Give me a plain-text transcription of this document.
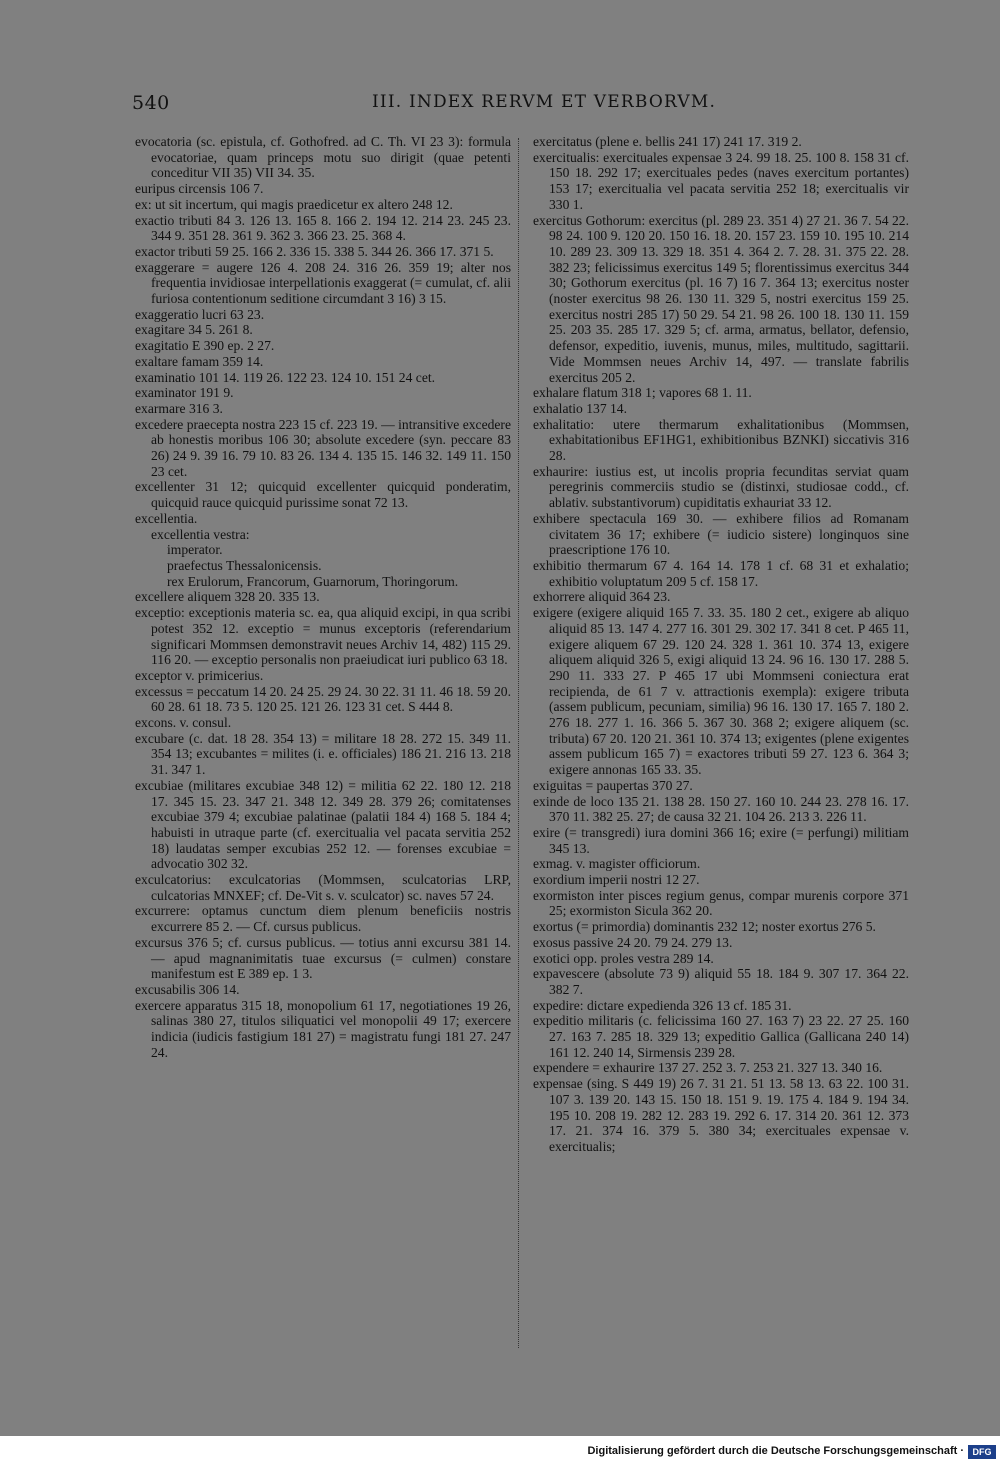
540	III. INDEX RERVM ET VERBORVM.

evocatoria (sc. epistula, cf. Gothofred. ad C. Th. VI 23 3): formula evocatoriae, quam princeps motu suo dirigit (quae petenti conceditur VII 35) VII 34. 35.

euripus circensis 106 7.

ex: ut sit incertum, qui magis praedicetur ex altero 248 12.

exactio tributi 84 3. 126 13. 165 8. 166 2. 194 12. 214 23. 245 23. 344 9. 351 28. 361 9. 362 3. 366 23. 25. 368 4.

exactor tributi 59 25. 166 2. 336 15. 338 5. 344 26. 366 17. 371 5.

exaggerare = augere 126 4. 208 24. 316 26. 359 19; alter nos frequentia invidiosae interpellationis exaggerat (= cumulat, cf. alii furiosa contentionum seditione circumdant 3 16) 3 15.

exaggeratio lucri 63 23.

exagitare 34 5. 261 8.

exagitatio E 390 ep. 2 27.

exaltare famam 359 14.

examinatio 101 14. 119 26. 122 23. 124 10. 151 24 cet.

examinator 191 9.

exarmare 316 3.

excedere praecepta nostra 223 15 cf. 223 19. — intransitive excedere ab honestis moribus 106 30; absolute excedere (syn. peccare 83 26) 24 9. 39 16. 79 10. 83 26. 134 4. 135 15. 146 32. 149 11. 150 23 cet.

excellenter 31 12; quicquid excellenter quicquid ponderatim, quicquid rauce quicquid purissime sonat 72 13.

excellentia.

excellentia vestra:

imperator.

praefectus Thessalonicensis.

rex Erulorum, Francorum, Guarnorum, Thoringorum.

excellere aliquem 328 20. 335 13.

exceptio: exceptionis materia sc. ea, qua aliquid excipi, in qua scribi potest 352 12. exceptio = munus exceptoris (referendarium significari Mommsen demonstravit neues Archiv 14, 482) 115 29. 116 20. — exceptio personalis non praeiudicat iuri publico 63 18.

exceptor v. primicerius.

excessus = peccatum 14 20. 24 25. 29 24. 30 22. 31 11. 46 18. 59 20. 60 28. 61 18. 73 5. 120 25. 121 26. 123 31 cet. S 444 8.

excons. v. consul.

excubare (c. dat. 18 28. 354 13) = militare 18 28. 272 15. 349 11. 354 13; excubantes = milites (i. e. officiales) 186 21. 216 13. 218 31. 347 1.

excubiae (militares excubiae 348 12) = militia 62 22. 180 12. 218 17. 345 15. 23. 347 21. 348 12. 349 28. 379 26; comitatenses excubiae 379 4; excubiae palatinae (palatii 184 4) 168 5. 184 4; habuisti in utraque parte (cf. exercitualia vel pacata servitia 252 18) laudatas semper excubias 252 12. — forenses excubiae = advocatio 302 32.

exculcatorius: exculcatorias (Mommsen, sculcatorias LRP, culcatorias MNXEF; cf. De-Vit s. v. sculcator) sc. naves 57 24.

excurrere: optamus cunctum diem plenum beneficiis nostris excurrere 85 2. — Cf. cursus publicus.

excursus 376 5; cf. cursus publicus. — totius anni excursu 381 14. — apud magnanimitatis tuae excursus (= culmen) constare manifestum est E 389 ep. 1 3.

excusabilis 306 14.

exercere apparatus 315 18, monopolium 61 17, negotiationes 19 26, salinas 380 27, titulos siliquatici vel monopolii 49 17; exercere indicia (iudicis fastigium 181 27) = magistratu fungi 181 27. 247 24.

exercitatus (plene e. bellis 241 17) 241 17. 319 2.

exercitualis: exercituales expensae 3 24. 99 18. 25. 100 8. 158 31 cf. 150 18. 292 17; exercituales pedes (naves exercitum portantes) 153 17; exercitualia vel pacata servitia 252 18; exercitualis vir 330 1.

exercitus Gothorum: exercitus (pl. 289 23. 351 4) 27 21. 36 7. 54 22. 98 24. 100 9. 120 20. 150 16. 18. 20. 157 23. 159 10. 195 10. 214 10. 289 23. 309 13. 329 18. 351 4. 364 2. 7. 28. 31. 375 22. 28. 382 23; felicissimus exercitus 149 5; florentissimus exercitus 344 30; Gothorum exercitus (pl. 16 7) 16 7. 364 13; exercitus noster (noster exercitus 98 26. 130 11. 329 5, nostri exercitus 159 25. exercitus nostri 285 17) 50 29. 54 21. 98 26. 100 18. 130 11. 159 25. 203 35. 285 17. 329 5; cf. arma, armatus, bellator, defensio, defensor, expeditio, iuvenis, munus, miles, multitudo, sagittarii. Vide Mommsen neues Archiv 14, 497. — translate fabrilis exercitus 205 2.

exhalare flatum 318 1; vapores 68 1. 11.

exhalatio 137 14.

exhalitatio: utere thermarum exhalitationibus (Mommsen, exhabitationibus EF1HG1, exhibitionibus BZNKI) siccativis 316 28.

exhaurire: iustius est, ut incolis propria fecunditas serviat quam peregrinis commerciis studio se (distinxi, studiosae codd., cf. ablativ. substantivorum) cupiditatis exhauriat 33 12.

exhibere spectacula 169 30. — exhibere filios ad Romanam civitatem 36 17; exhibere (= iudicio sistere) longinquos sine praescriptione 176 10.

exhibitio thermarum 67 4. 164 14. 178 1 cf. 68 31 et exhalatio; exhibitio voluptatum 209 5 cf. 158 17.

exhorrere aliquid 364 23.

exigere (exigere aliquid 165 7. 33. 35. 180 2 cet., exigere ab aliquo aliquid 85 13. 147 4. 277 16. 301 29. 302 17. 341 8 cet. P 465 11, exigere aliquem 67 29. 120 24. 328 1. 361 10. 374 13, exigere aliquem aliquid 326 5, exigi aliquid 13 24. 96 16. 130 17. 288 5. 290 11. 333 27. P 465 17 ubi Mommseni coniectura erat recipienda, de 61 7 v. attractionis exempla): exigere tributa (assem publicum, pecuniam, similia) 96 16. 130 17. 165 7. 180 2. 276 18. 277 1. 16. 366 5. 367 30. 368 2; exigere aliquem (sc. tributa) 67 20. 120 21. 361 10. 374 13; exigentes (plene exigentes assem publicum 165 7) = exactores tributi 59 27. 123 6. 364 3; exigere annonas 165 33. 35.

exiguitas = paupertas 370 27.

exinde de loco 135 21. 138 28. 150 27. 160 10. 244 23. 278 16. 17. 370 11. 382 25. 27; de causa 32 21. 104 26. 213 3. 226 11.

exire (= transgredi) iura domini 366 16; exire (= perfungi) militiam 345 13.

exmag. v. magister officiorum.

exordium imperii nostri 12 27.

exormiston inter pisces regium genus, compar murenis corpore 371 25; exormiston Sicula 362 20.

exortus (= primordia) dominantis 232 12; noster exortus 276 5.

exosus passive 24 20. 79 24. 279 13.

exotici opp. proles vestra 289 14.

expavescere (absolute 73 9) aliquid 55 18. 184 9. 307 17. 364 22. 382 7.

expedire: dictare expedienda 326 13 cf. 185 31.

expeditio militaris (c. felicissima 160 27. 163 7) 23 22. 27 25. 160 27. 163 7. 285 18. 329 13; expeditio Gallica (Gallicana 240 14) 161 12. 240 14, Sirmensis 239 28.

expendere = exhaurire 137 27. 252 3. 7. 253 21. 327 13. 340 16.

expensae (sing. S 449 19) 26 7. 31 21. 51 13. 58 13. 63 22. 100 31. 107 3. 139 20. 143 15. 150 18. 151 9. 19. 175 4. 184 9. 194 34. 195 10. 208 19. 282 12. 283 19. 292 6. 17. 314 20. 361 12. 373 17. 21. 374 16. 379 5. 380 34; exercituales expensae v. exercitualis;

Digitalisierung gefördert durch die Deutsche Forschungsgemeinschaft · DFG
